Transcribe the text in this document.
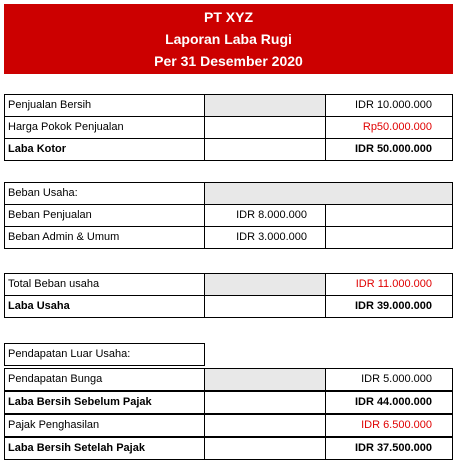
PT XYZ
Laporan Laba Rugi
Per 31 Desember 2020
Penjualan Bersih	IDR 10.000.000
Harga Pokok Penjualan	Rp50.000.000
Laba Kotor	IDR 50.000.000
Beban Usaha:
Beban Penjualan	IDR 8.000.000
Beban Admin & Umum	IDR 3.000.000
Total Beban usaha	IDR 11.000.000
Laba Usaha	IDR 39.000.000
Pendapatan Luar Usaha:
Pendapatan Bunga	IDR 5.000.000
Laba Bersih Sebelum Pajak	IDR 44.000.000
Pajak Penghasilan	IDR 6.500.000
Laba Bersih Setelah Pajak	IDR 37.500.000
